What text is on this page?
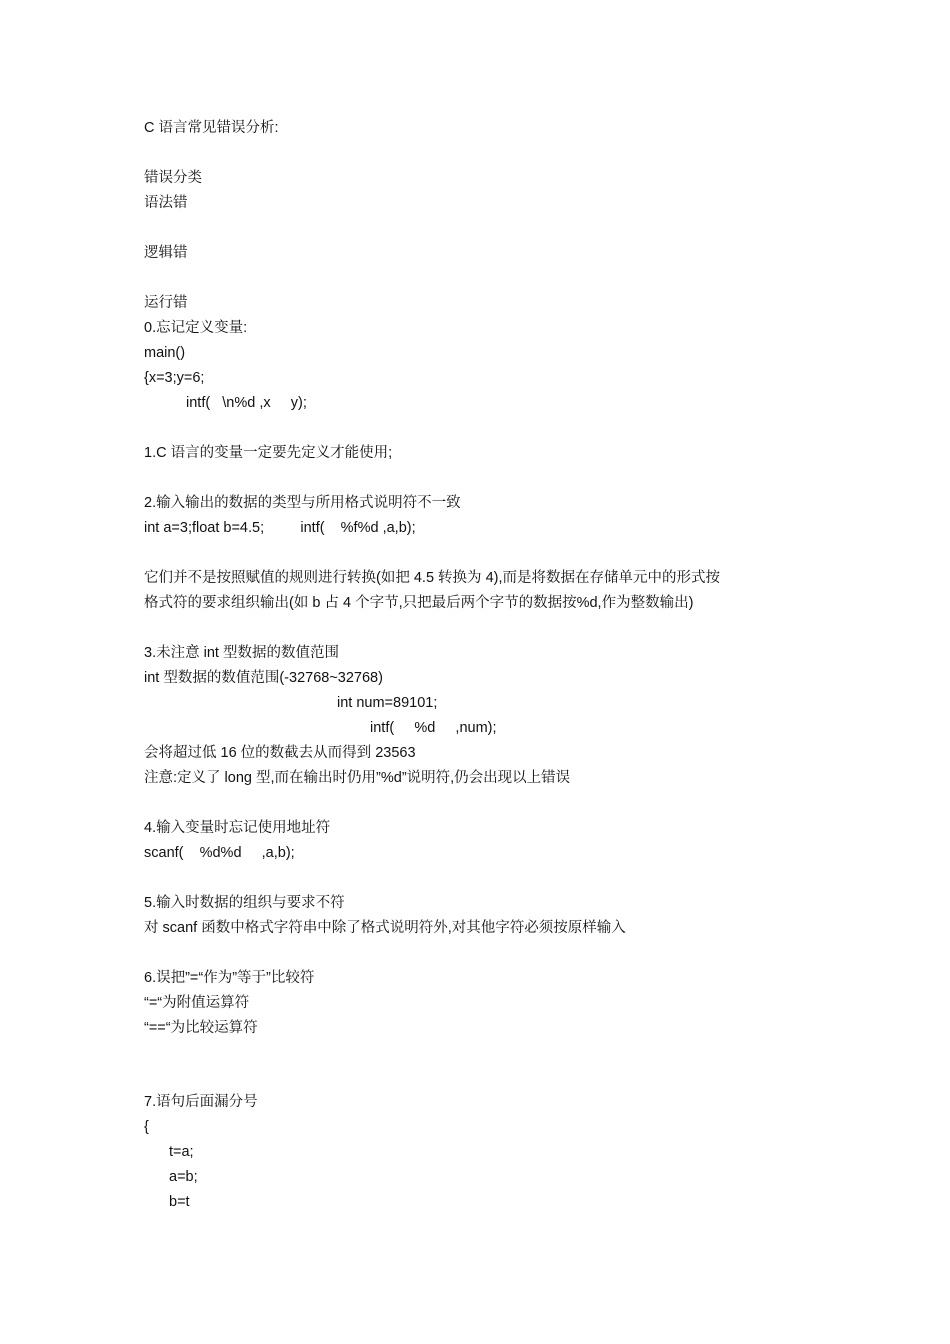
C 语言常见错误分析:
错误分类
语法错
逻辑错
运行错
0.忘记定义变量:
main()
{x=3;y=6;
intf(   \n%d ,x     y);
1.C 语言的变量一定要先定义才能使用;
2.输入输出的数据的类型与所用格式说明符不一致
int a=3;float b=4.5;         intf(    %f%d ,a,b);
它们并不是按照赋值的规则进行转换(如把 4.5 转换为 4),而是将数据在存储单元中的形式按
格式符的要求组织输出(如 b 占 4 个字节,只把最后两个字节的数据按%d,作为整数输出)
3.未注意 int 型数据的数值范围
int 型数据的数值范围(-32768~32768)
int num=89101;
intf(     %d     ,num);
会将超过低 16 位的数截去从而得到 23563
注意:定义了 long 型,而在输出时仍用”%d”说明符,仍会出现以上错误
4.输入变量时忘记使用地址符
scanf(    %d%d     ,a,b);
5.输入时数据的组织与要求不符
对 scanf 函数中格式字符串中除了格式说明符外,对其他字符必须按原样输入
6.误把”=“作为”等于”比较符
“=“为附值运算符
“==“为比较运算符
7.语句后面漏分号
{
t=a;
a=b;
b=t
